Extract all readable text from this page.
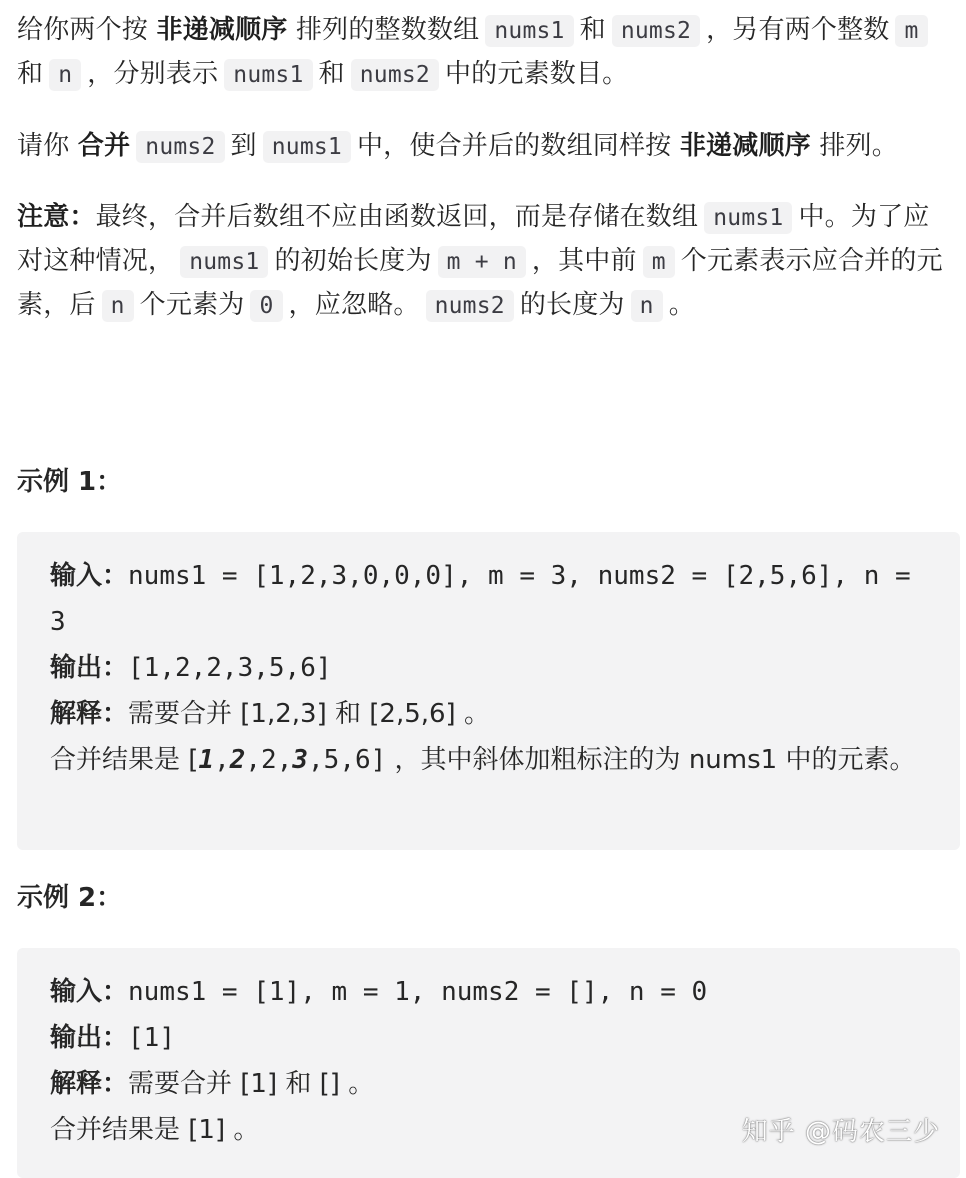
给你两个按 非递减顺序 排列的整数数组 nums1 和 nums2 ，另有两个整数 m和 n ，分别表示 nums1 和 nums2 中的元素数目。

请你 合并 nums2 到 nums1 中，使合并后的数组同样按 非递减顺序 排列。

注意：最终，合并后数组不应由函数返回，而是存储在数组 nums1 中。为了应对这种情况， nums1 的初始长度为 m + n ，其中前 m 个元素表示应合并的元素，后 n 个元素为 0 ，应忽略。 nums2 的长度为 n 。

示例 1：
输入：nums1 = [1,2,3,0,0,0], m = 3, nums2 = [2,5,6], n = 3
输出：[1,2,2,3,5,6]
解释：需要合并 [1,2,3] 和 [2,5,6] 。
合并结果是 [1,2,2,3,5,6] ，其中斜体加粗标注的为 nums1 中的元素。
示例 2：
输入：nums1 = [1], m = 1, nums2 = [], n = 0
输出：[1]
解释：需要合并 [1] 和 [] 。
合并结果是 [1] 。	知乎 @码农三少
